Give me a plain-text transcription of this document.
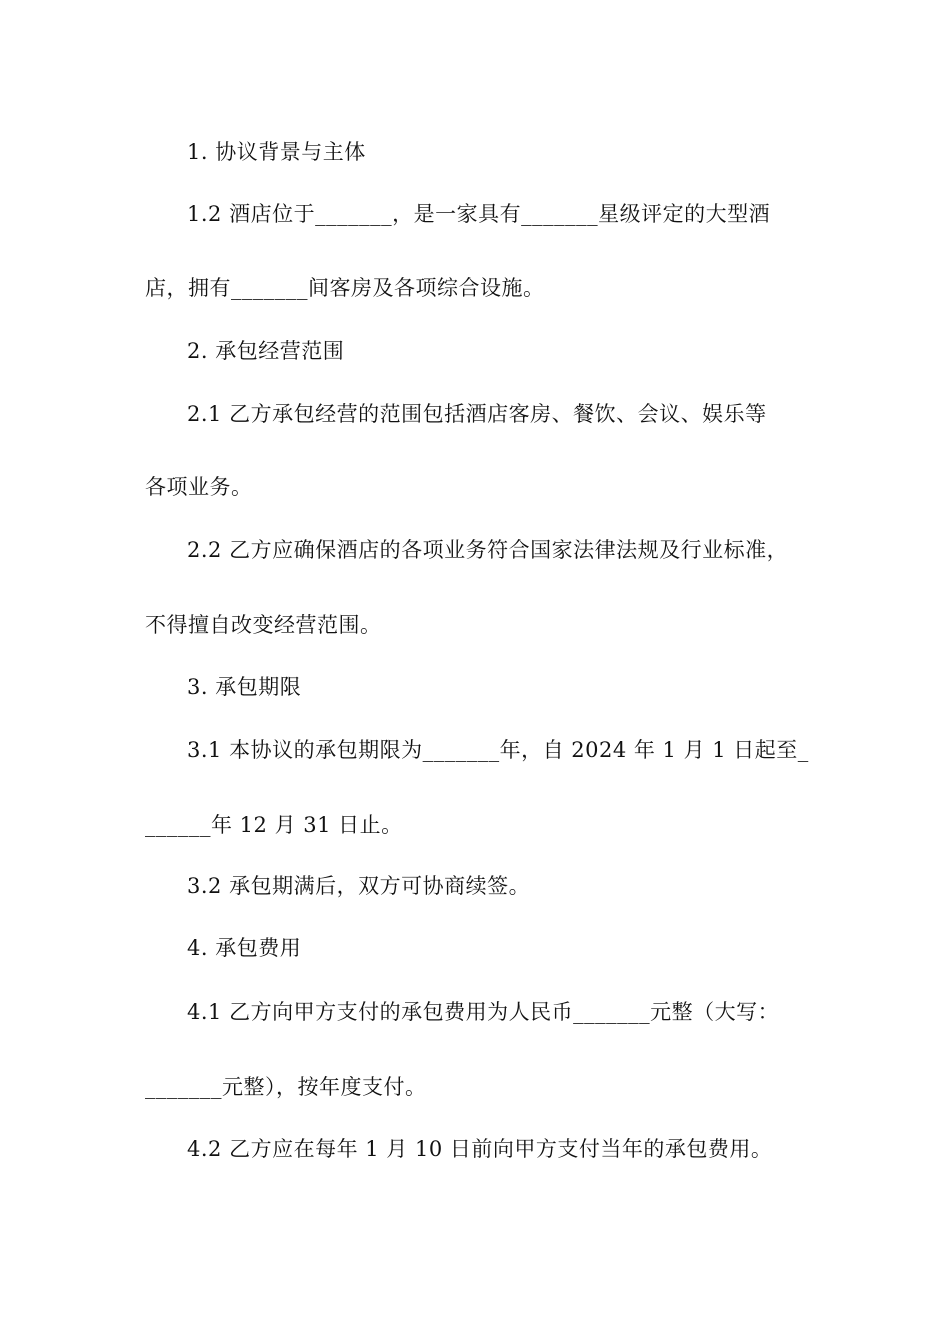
1. 协议背景与主体
1.2 酒店位于_______，是一家具有_______星级评定的大型酒
店，拥有_______间客房及各项综合设施。
2. 承包经营范围
2.1 乙方承包经营的范围包括酒店客房、餐饮、会议、娱乐等
各项业务。
2.2 乙方应确保酒店的各项业务符合国家法律法规及行业标准，
不得擅自改变经营范围。
3. 承包期限
3.1 本协议的承包期限为_______年，自 2024 年 1 月 1 日起至_
______年 12 月 31 日止。
3.2 承包期满后，双方可协商续签。
4. 承包费用
4.1 乙方向甲方支付的承包费用为人民币_______元整（大写：
_______元整），按年度支付。
4.2 乙方应在每年 1 月 10 日前向甲方支付当年的承包费用。
